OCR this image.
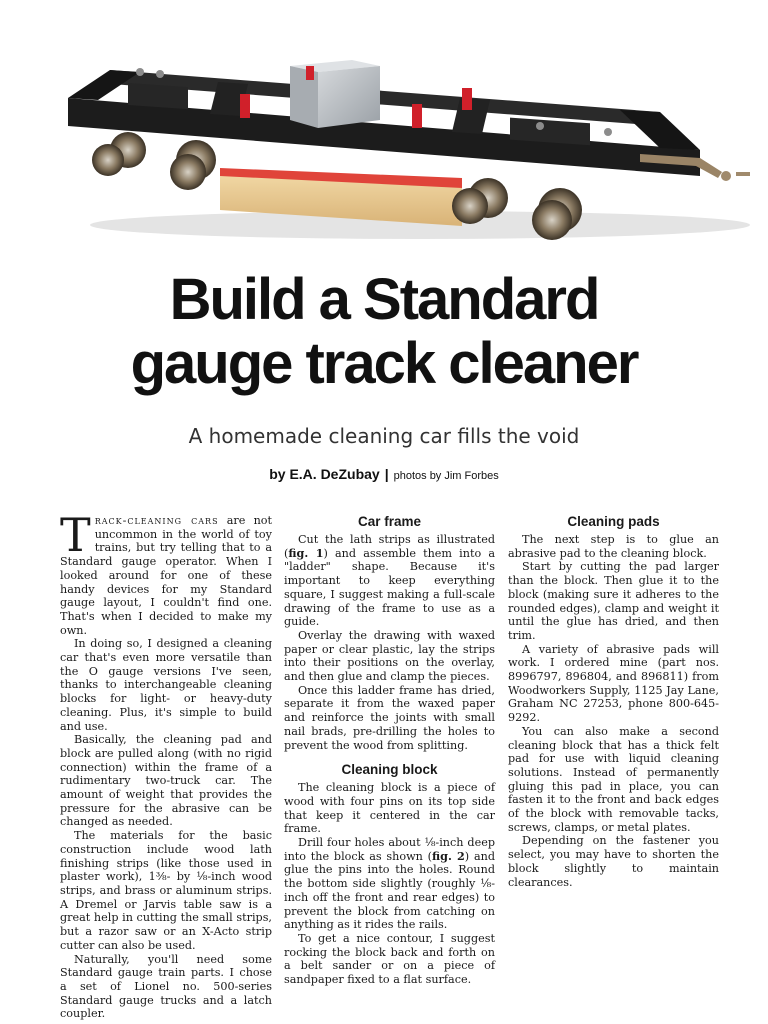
Build a Standard
gauge track cleaner
A homemade cleaning car fills the void
by E.A. DeZubay | photos by Jim Forbes

Track-cleaning cars are not uncommon in the world of toy trains, but try telling that to a Standard gauge operator. When I looked around for one of these handy devices for my Standard gauge layout, I couldn't find one. That's when I decided to make my own.

In doing so, I designed a cleaning car that's even more versatile than the O gauge versions I've seen, thanks to interchangeable cleaning blocks for light- or heavy-duty cleaning. Plus, it's simple to build and use.

Basically, the cleaning pad and block are pulled along (with no rigid connection) within the frame of a rudimentary two-truck car. The amount of weight that provides the pressure for the abrasive can be changed as needed.

The materials for the basic construction include wood lath finishing strips (like those used in plaster work), 1⅜- by ⅛-inch wood strips, and brass or aluminum strips. A Dremel or Jarvis table saw is a great help in cutting the small strips, but a razor saw or an X-Acto strip cutter can also be used.

Naturally, you'll need some Standard gauge train parts. I chose a set of Lionel no. 500-series Standard gauge trucks and a latch coupler.

Car frame

Cut the lath strips as illustrated (fig. 1) and assemble them into a "ladder" shape. Because it's important to keep everything square, I suggest making a full-scale drawing of the frame to use as a guide.

Overlay the drawing with waxed paper or clear plastic, lay the strips into their positions on the overlay, and then glue and clamp the pieces.

Once this ladder frame has dried, separate it from the waxed paper and reinforce the joints with small nail brads, pre-drilling the holes to prevent the wood from splitting.

Cleaning block

The cleaning block is a piece of wood with four pins on its top side that keep it centered in the car frame.

Drill four holes about ⅛-inch deep into the block as shown (fig. 2) and glue the pins into the holes. Round the bottom side slightly (roughly ⅛-inch off the front and rear edges) to prevent the block from catching on anything as it rides the rails.

To get a nice contour, I suggest rocking the block back and forth on a belt sander or on a piece of sandpaper fixed to a flat surface.

Cleaning pads

The next step is to glue an abrasive pad to the cleaning block.

Start by cutting the pad larger than the block. Then glue it to the block (making sure it adheres to the rounded edges), clamp and weight it until the glue has dried, and then trim.

A variety of abrasive pads will work. I ordered mine (part nos. 8996797, 896804, and 896811) from Woodworkers Supply, 1125 Jay Lane, Graham NC 27253, phone 800-645-9292.

You can also make a second cleaning block that has a thick felt pad for use with liquid cleaning solutions. Instead of permanently gluing this pad in place, you can fasten it to the front and back edges of the block with removable tacks, screws, clamps, or metal plates.

Depending on the fastener you select, you may have to shorten the block slightly to maintain clearances.
